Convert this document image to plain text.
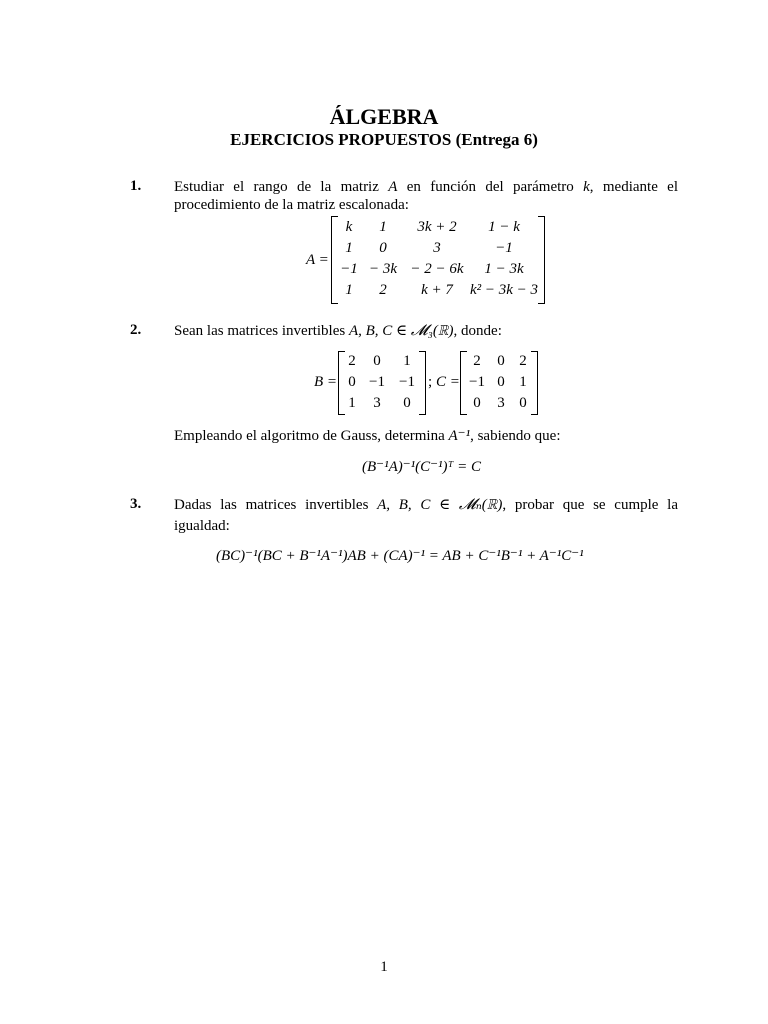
ÁLGEBRA
EJERCICIOS PROPUESTOS (Entrega 6)
1. Estudiar el rango de la matriz A en función del parámetro k, mediante el
procedimiento de la matriz escalonada:
A =
k	1	3k + 2	1 − k
1	0	3	−1
−1	− 3k	− 2 − 6k	1 − 3k
1	2	k + 7	k² − 3k − 3
2. Sean las matrices invertibles A, B, C ∈ 𝓜₃(ℝ), donde:
B =
2	0	1
0	−1	−1
1	3	0
; C =
2	0	2
−1	0	1
0	3	0
Empleando el algoritmo de Gauss, determina A⁻¹, sabiendo que:
(B⁻¹A)⁻¹(C⁻¹)ᵀ = C
3. Dadas las matrices invertibles A, B, C ∈ 𝓜ₙ(ℝ), probar que se cumple la
igualdad:
(BC)⁻¹(BC + B⁻¹A⁻¹)AB + (CA)⁻¹ = AB + C⁻¹B⁻¹ + A⁻¹C⁻¹
1
